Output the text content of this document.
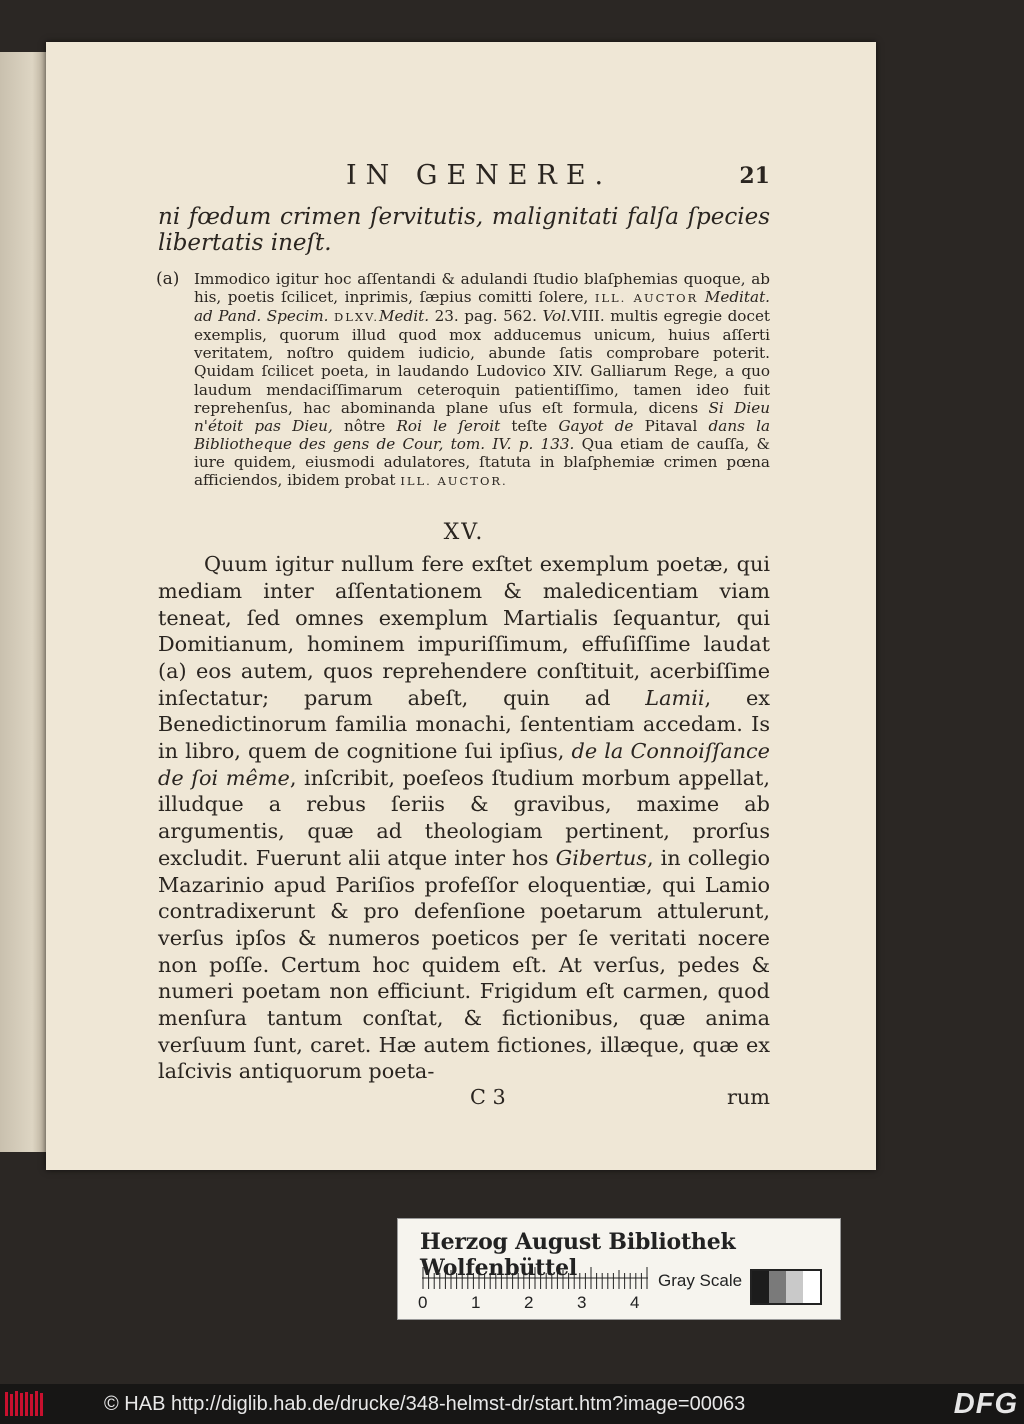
IN GENERE.	21
ni fœdum crimen ſervitutis, malignitati falſa ſpecies libertatis ineſt.
(a) Immodico igitur hoc aſſentandi & adulandi ſtudio blaſphemias quoque, ab his, poetis ſcilicet, inprimis, ſæpius comitti ſolere, ILL. AUCTOR Meditat. ad Pand. Specim. DLXV.Medit. 23. pag. 562. Vol.VIII. multis egregie docet exemplis, quorum illud quod mox adducemus unicum, huius aſſerti veritatem, noſtro quidem iudicio, abunde ſatis comprobare poterit. Quidam ſcilicet poeta, in laudando Ludovico XIV. Galliarum Rege, a quo laudum mendaciſſimarum ceteroquin patientiſſimo, tamen ideo fuit reprehenſus, hac abominanda plane uſus eſt formula, dicens Si Dieu n'étoit pas Dieu, nôtre Roi le ſeroit teſte Gayot de Pitaval dans la Bibliotheque des gens de Cour, tom. IV. p. 133. Qua etiam de cauſſa, & iure quidem, eiusmodi adulatores, ſtatuta in blaſphemiæ crimen pœna afficiendos, ibidem probat ILL. AUCTOR.
XV.
Quum igitur nullum fere exſtet exemplum poetæ, qui mediam inter aſſentationem & maledicentiam viam teneat, ſed omnes exemplum Martialis ſequantur, qui Domitianum, hominem impuriſſimum, effuſiſſime laudat (a) eos autem, quos reprehendere conſtituit, acerbiſſime inſectatur; parum abeſt, quin ad Lamii, ex Benedictinorum familia monachi, ſententiam accedam. Is in libro, quem de cognitione ſui ipſius, de la Connoiſſance de ſoi même, inſcribit, poeſeos ſtudium morbum appellat, illudque a rebus ſeriis & gravibus, maxime ab argumentis, quæ ad theologiam pertinent, prorſus excludit. Fuerunt alii atque inter hos Gibertus, in collegio Mazarinio apud Pariſios profeſſor eloquentiæ, qui Lamio contradixerunt & pro defenſione poetarum attulerunt, verſus ipſos & numeros poeticos per ſe veritati nocere non poſſe. Certum hoc quidem eſt. At verſus, pedes & numeri poetam non efficiunt. Frigidum eſt carmen, quod menſura tantum conſtat, & fictionibus, quæ anima verſuum ſunt, caret. Hæ autem fictiones, illæque, quæ ex laſcivis antiquorum poeta-
C 3	rum
Herzog August Bibliothek Wolfenbüttel	Gray Scale
0	1	2	3	4
© HAB http://diglib.hab.de/drucke/348-helmst-dr/start.htm?image=00063	DFG
